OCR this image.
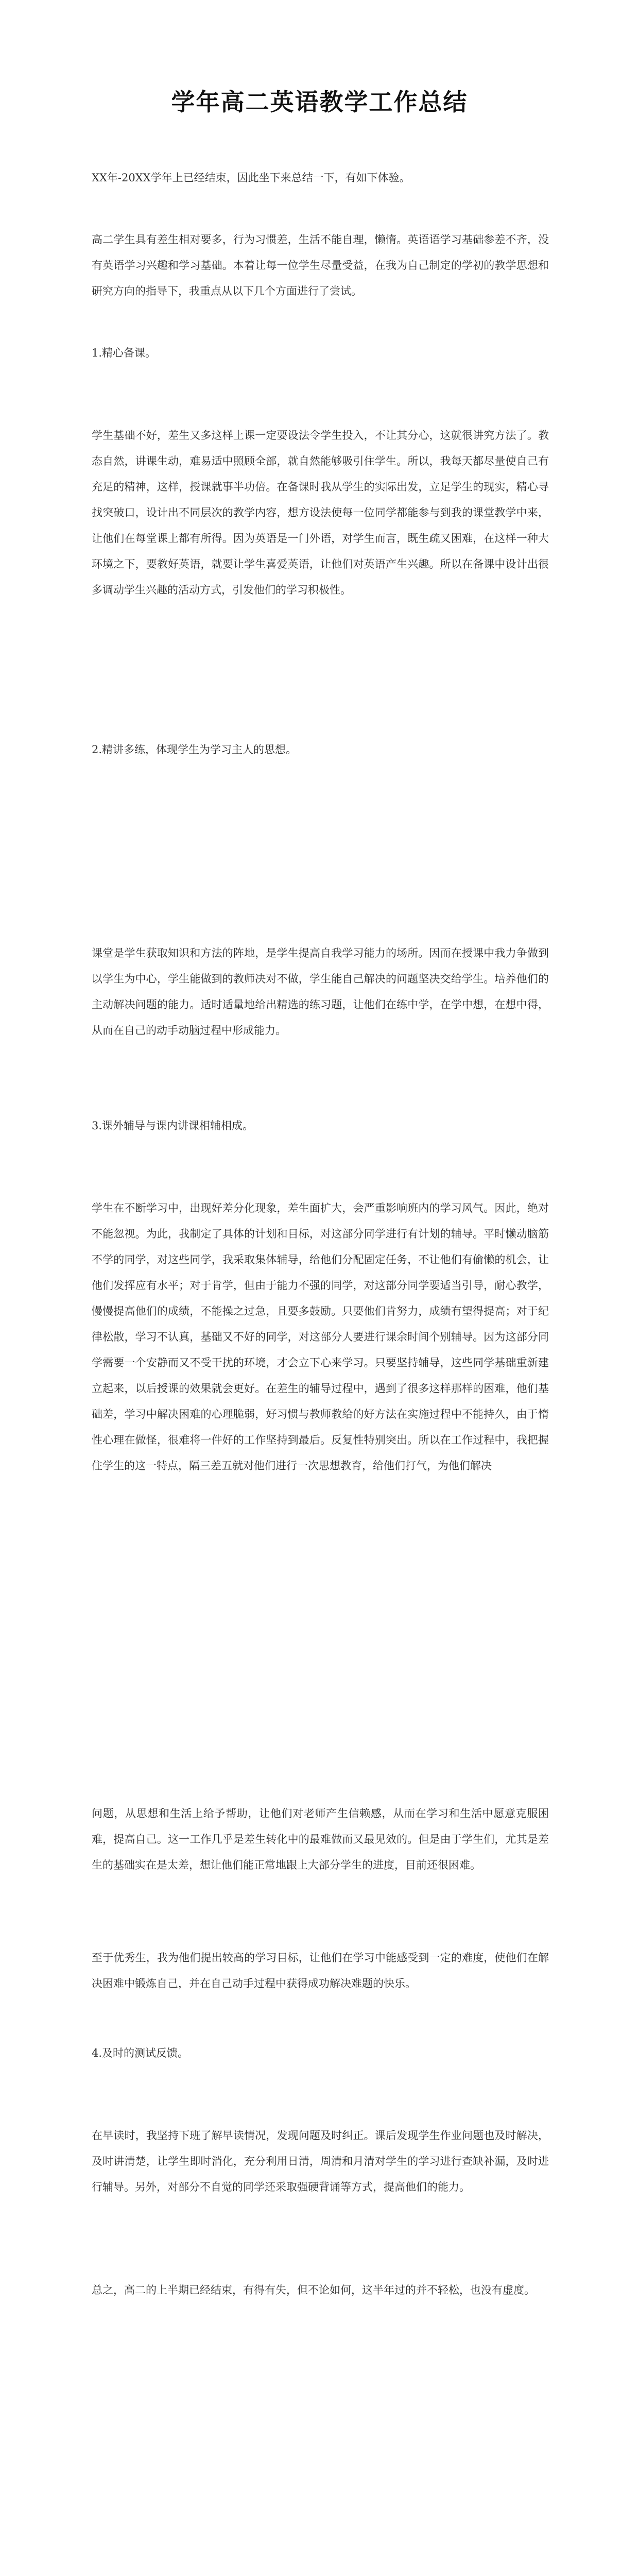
学年高二英语教学工作总结

XX年-20XX学年上已经结束，因此坐下来总结一下，有如下体验。

高二学生具有差生相对要多，行为习惯差，生活不能自理，懒惰。英语语学习基础参差不齐，没有英语学习兴趣和学习基础。本着让每一位学生尽量受益，在我为自己制定的学初的教学思想和研究方向的指导下，我重点从以下几个方面进行了尝试。

1.精心备课。

学生基础不好，差生又多这样上课一定要设法令学生投入，不让其分心，这就很讲究方法了。教态自然，讲课生动，难易适中照顾全部，就自然能够吸引住学生。所以，我每天都尽量使自己有充足的精神，这样，授课就事半功倍。在备课时我从学生的实际出发，立足学生的现实，精心寻找突破口，设计出不同层次的教学内容，想方设法使每一位同学都能参与到我的课堂教学中来，让他们在每堂课上都有所得。因为英语是一门外语，对学生而言，既生疏又困难，在这样一种大环境之下，要教好英语，就要让学生喜爱英语，让他们对英语产生兴趣。所以在备课中设计出很多调动学生兴趣的活动方式，引发他们的学习积极性。

2.精讲多练，体现学生为学习主人的思想。

课堂是学生获取知识和方法的阵地，是学生提高自我学习能力的场所。因而在授课中我力争做到以学生为中心，学生能做到的教师决对不做，学生能自己解决的问题坚决交给学生。培养他们的主动解决问题的能力。适时适量地给出精选的练习题，让他们在练中学，在学中想，在想中得，从而在自己的动手动脑过程中形成能力。

3.课外辅导与课内讲课相辅相成。

学生在不断学习中，出现好差分化现象，差生面扩大，会严重影响班内的学习风气。因此，绝对不能忽视。为此，我制定了具体的计划和目标，对这部分同学进行有计划的辅导。平时懒动脑筋不学的同学，对这些同学，我采取集体辅导，给他们分配固定任务，不让他们有偷懒的机会，让他们发挥应有水平；对于肯学，但由于能力不强的同学，对这部分同学要适当引导，耐心教学，慢慢提高他们的成绩，不能操之过急，且要多鼓励。只要他们肯努力，成绩有望得提高；对于纪律松散，学习不认真，基础又不好的同学，对这部分人要进行课余时间个别辅导。因为这部分同学需要一个安静而又不受干扰的环境，才会立下心来学习。只要坚持辅导，这些同学基础重新建立起来，以后授课的效果就会更好。在差生的辅导过程中，遇到了很多这样那样的困难，他们基础差，学习中解决困难的心理脆弱，好习惯与教师教给的好方法在实施过程中不能持久，由于惰性心理在做怪，很难将一件好的工作坚持到最后。反复性特别突出。所以在工作过程中，我把握住学生的这一特点，隔三差五就对他们进行一次思想教育，给他们打气，为他们解决

问题，从思想和生活上给予帮助，让他们对老师产生信赖感，从而在学习和生活中愿意克服困难，提高自己。这一工作几乎是差生转化中的最难做而又最见效的。但是由于学生们，尤其是差生的基础实在是太差，想让他们能正常地跟上大部分学生的进度，目前还很困难。

至于优秀生，我为他们提出较高的学习目标，让他们在学习中能感受到一定的难度，使他们在解决困难中锻炼自己，并在自己动手过程中获得成功解决难题的快乐。

4.及时的测试反馈。

在早读时，我坚持下班了解早读情况，发现问题及时纠正。课后发现学生作业问题也及时解决，及时讲清楚，让学生即时消化，充分利用日清，周清和月清对学生的学习进行查缺补漏，及时进行辅导。另外，对部分不自觉的同学还采取强硬背诵等方式，提高他们的能力。

总之，高二的上半期已经结束，有得有失，但不论如何，这半年过的并不轻松，也没有虚度。
